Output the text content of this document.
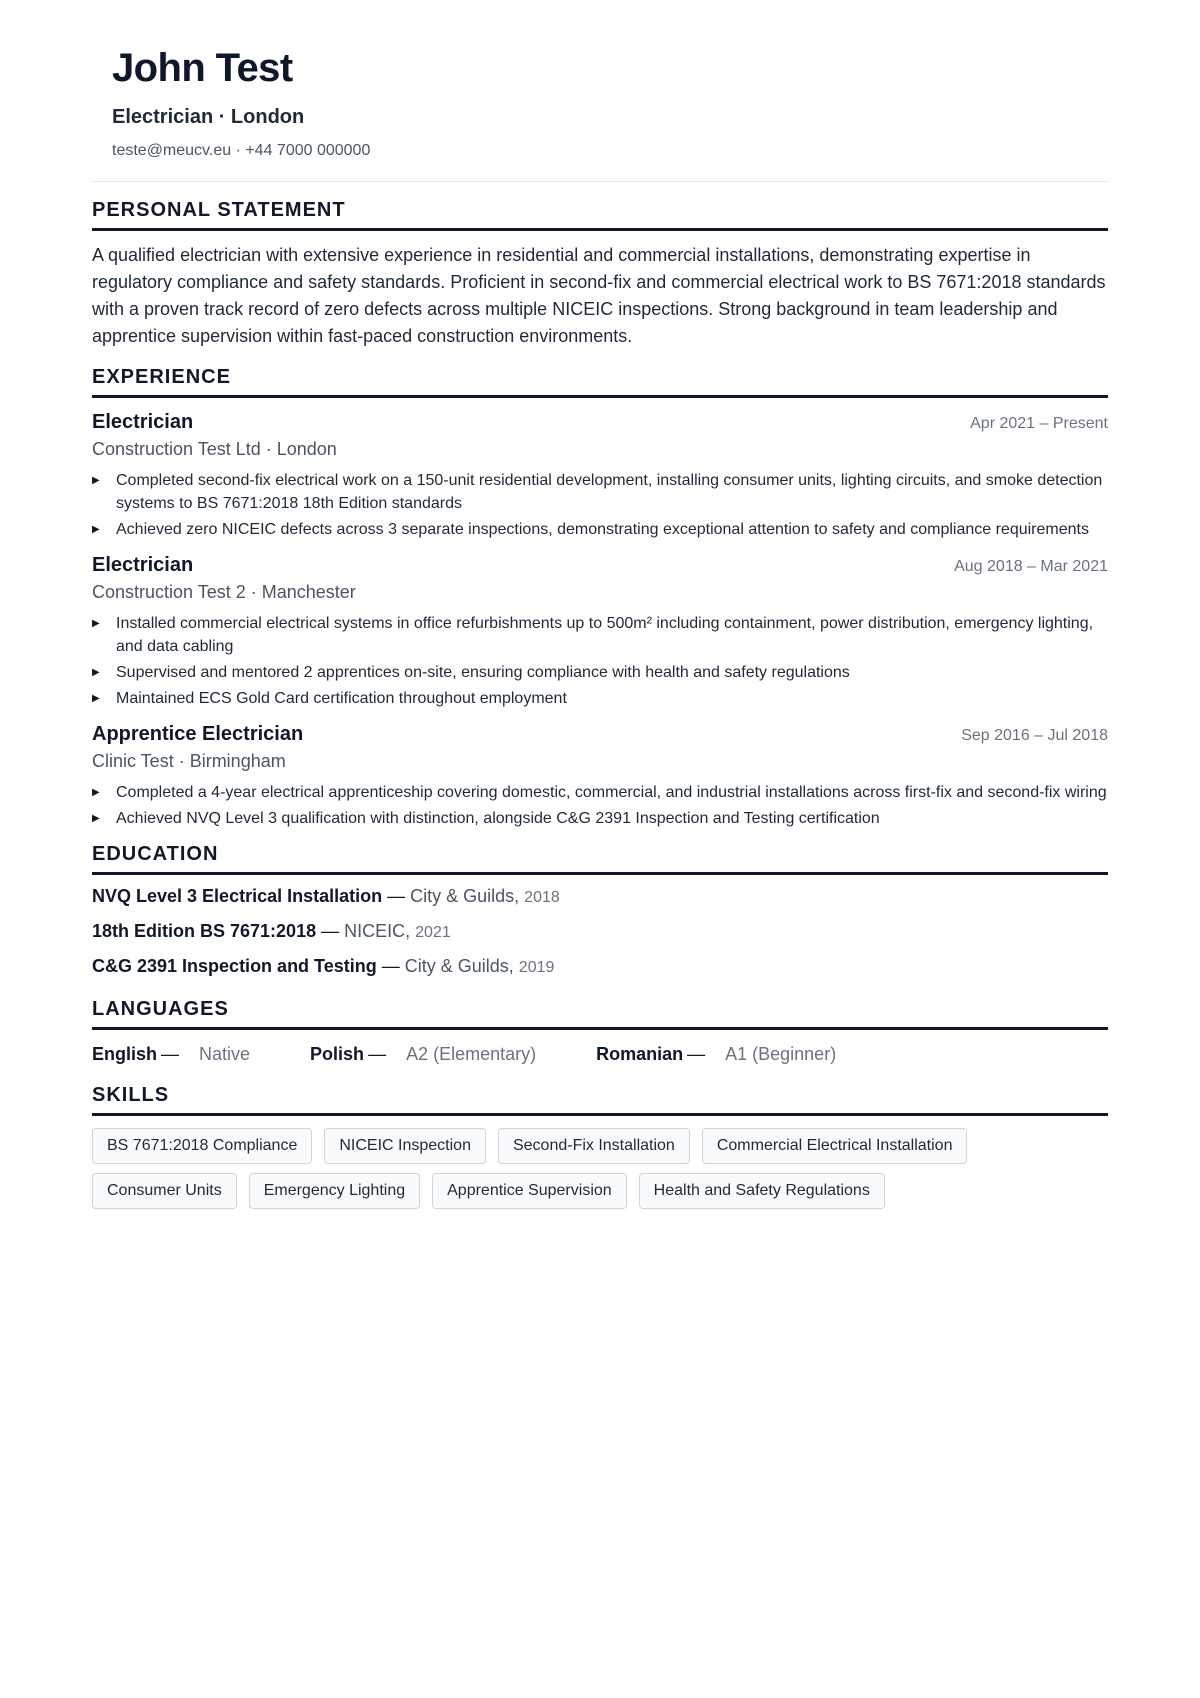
John Test
Electrician · London
teste@meucv.eu · +44 7000 000000
PERSONAL STATEMENT

A qualified electrician with extensive experience in residential and commercial installations, demonstrating expertise in regulatory compliance and safety standards. Proficient in second-fix and commercial electrical work to BS 7671:2018 standards with a proven track record of zero defects across multiple NICEIC inspections. Strong background in team leadership and apprentice supervision within fast-paced construction environments.

EXPERIENCE
Electrician	Apr 2021 – Present
Construction Test Ltd · London
▶ Completed second-fix electrical work on a 150-unit residential development, installing consumer units, lighting circuits, and smoke detection systems to BS 7671:2018 18th Edition standards
▶ Achieved zero NICEIC defects across 3 separate inspections, demonstrating exceptional attention to safety and compliance requirements
Electrician	Aug 2018 – Mar 2021
Construction Test 2 · Manchester
▶ Installed commercial electrical systems in office refurbishments up to 500m² including containment, power distribution, emergency lighting, and data cabling
▶ Supervised and mentored 2 apprentices on-site, ensuring compliance with health and safety regulations
▶ Maintained ECS Gold Card certification throughout employment
Apprentice Electrician	Sep 2016 – Jul 2018
Clinic Test · Birmingham
▶ Completed a 4-year electrical apprenticeship covering domestic, commercial, and industrial installations across first-fix and second-fix wiring
▶ Achieved NVQ Level 3 qualification with distinction, alongside C&G 2391 Inspection and Testing certification
EDUCATION
NVQ Level 3 Electrical Installation — City & Guilds, 2018
18th Edition BS 7671:2018 — NICEIC, 2021
C&G 2391 Inspection and Testing — City & Guilds, 2019
LANGUAGES
English — Native	Polish — A2 (Elementary)	Romanian — A1 (Beginner)
SKILLS
BS 7671:2018 Compliance	NICEIC Inspection	Second-Fix Installation	Commercial Electrical Installation
Consumer Units	Emergency Lighting	Apprentice Supervision	Health and Safety Regulations
